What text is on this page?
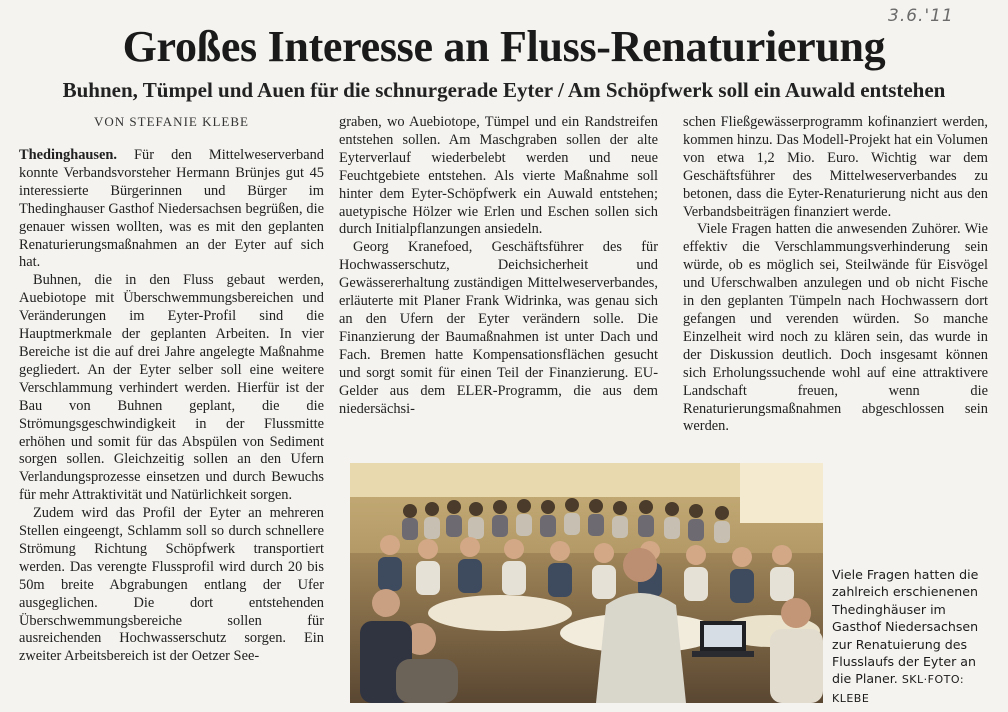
3.6.'11
Großes Interesse an Fluss-Renaturierung
Buhnen, Tümpel und Auen für die schnurgerade Eyter / Am Schöpfwerk soll ein Auwald entstehen
VON STEFANIE KLEBE

Thedinghausen. Für den Mittelweserverband konnte Verbandsvorsteher Hermann Brünjes gut 45 interessierte Bürgerinnen und Bürger im Thedinghauser Gasthof Niedersachsen begrüßen, die genauer wissen wollten, was es mit den geplanten Renaturierungsmaßnahmen an der Eyter auf sich hat.

Buhnen, die in den Fluss gebaut werden, Auebiotope mit Überschwemmungsbereichen und Veränderungen im Eyter-Profil sind die Hauptmerkmale der geplanten Arbeiten. In vier Bereiche ist die auf drei Jahre angelegte Maßnahme gegliedert. An der Eyter selber soll eine weitere Verschlammung verhindert werden. Hierfür ist der Bau von Buhnen geplant, die die Strömungsgeschwindigkeit in der Flussmitte erhöhen und somit für das Abspülen von Sediment sorgen sollen. Gleichzeitig sollen an den Ufern Verlandungsprozesse einsetzen und durch Bewuchs für mehr Attraktivität und Natürlichkeit sorgen.

Zudem wird das Profil der Eyter an mehreren Stellen eingeengt, Schlamm soll so durch schnellere Strömung Richtung Schöpfwerk transportiert werden. Das verengte Flussprofil wird durch 20 bis 50m breite Abgrabungen entlang der Ufer ausgeglichen. Die dort entstehenden Überschwemmungsbereiche sollen für ausreichenden Hochwasserschutz sorgen. Ein zweiter Arbeitsbereich ist der Oetzer See-

graben, wo Auebiotope, Tümpel und ein Randstreifen entstehen sollen. Am Maschgraben sollen der alte Eyterverlauf wiederbelebt werden und neue Feuchtgebiete entstehen. Als vierte Maßnahme soll hinter dem Eyter-Schöpfwerk ein Auwald entstehen; auetypische Hölzer wie Erlen und Eschen sollen sich durch Initialpflanzungen ansiedeln.

Georg Kranefoed, Geschäftsführer des für Hochwasserschutz, Deichsicherheit und Gewässererhaltung zuständigen Mittelweserverbandes, erläuterte mit Planer Frank Widrinka, was genau sich an den Ufern der Eyter verändern solle. Die Finanzierung der Baumaßnahmen ist unter Dach und Fach. Bremen hatte Kompensationsflächen gesucht und sorgt somit für einen Teil der Finanzierung. EU-Gelder aus dem ELER-Programm, die aus dem niedersächsi-

schen Fließgewässerprogramm kofinanziert werden, kommen hinzu. Das Modell-Projekt hat ein Volumen von etwa 1,2 Mio. Euro. Wichtig war dem Geschäftsführer des Mittelweserverbandes zu betonen, dass die Eyter-Renaturierung nicht aus den Verbandsbeiträgen finanziert werde.

Viele Fragen hatten die anwesenden Zuhörer. Wie effektiv die Verschlammungsverhinderung sein würde, ob es möglich sei, Steilwände für Eisvögel und Uferschwalben anzulegen und ob nicht Fische in den geplanten Tümpeln nach Hochwassern dort gefangen und verenden würden. So manche Einzelheit wird noch zu klären sein, das wurde in der Diskussion deutlich. Doch insgesamt können sich Erholungssuchende wohl auf eine attraktivere Landschaft freuen, wenn die Renaturierungsmaßnahmen abgeschlossen sein werden.

Viele Fragen hatten die zahlreich erschienenen Thedinghäuser im Gasthof Niedersachsen zur Renatuierung des Flusslaufs der Eyter an die Planer. SKL·FOTO: KLEBE
